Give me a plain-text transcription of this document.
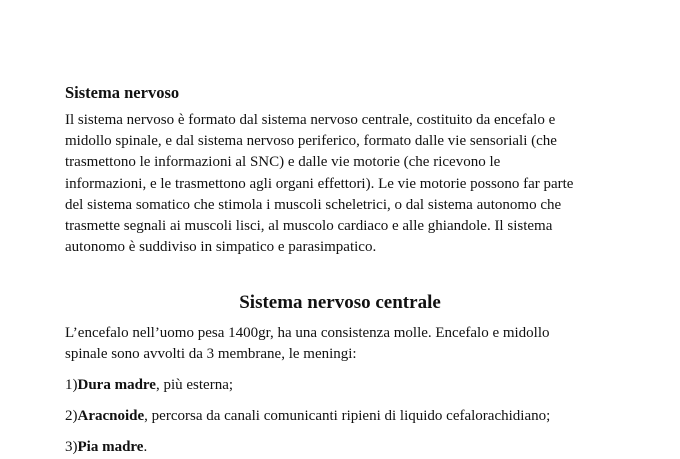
Sistema nervoso
Il sistema nervoso è formato dal sistema nervoso centrale, costituito da encefalo e
midollo spinale, e dal sistema nervoso periferico, formato dalle vie sensoriali (che
trasmettono le informazioni al SNC) e dalle vie motorie (che ricevono le
informazioni, e le trasmettono agli organi effettori). Le vie motorie possono far parte
del sistema somatico che stimola i muscoli scheletrici, o dal sistema autonomo che
trasmette segnali ai muscoli lisci, al muscolo cardiaco e alle ghiandole. Il sistema
autonomo è suddiviso in simpatico e parasimpatico.
Sistema nervoso centrale
L’encefalo nell’uomo pesa 1400gr, ha una consistenza molle. Encefalo e midollo
spinale sono avvolti da 3 membrane, le meningi:
1)Dura madre, più esterna;
2)Aracnoide, percorsa da canali comunicanti ripieni di liquido cefalorachidiano;
3)Pia madre.
